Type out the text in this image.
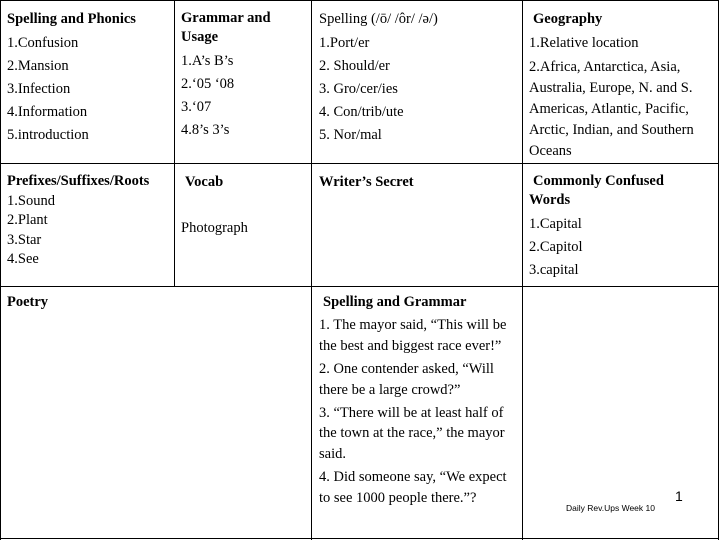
Spelling and Phonics
1.Confusion
2.Mansion
3.Infection
4.Information
5.introduction
Grammar and
Usage
1.A’s B’s
2.‘05 ‘08
3.‘07
4.8’s 3’s
Spelling (/ō/ /ôr/ /ə/)
1.Port/er
2. Should/er
3. Gro/cer/ies
4. Con/trib/ute
5. Nor/mal
Geography
1.Relative location
2.Africa, Antarctica, Asia, Australia, Europe, N. and S. Americas, Atlantic, Pacific, Arctic, Indian, and Southern Oceans
Prefixes/Suffixes/Roots
1.Sound
2.Plant
3.Star
4.See
Vocab
Photograph
Writer’s Secret	Commonly Confused
Words
1.Capital
2.Capitol
3.capital
Poetry	Spelling and Grammar
1. The mayor said, “This will be the best and biggest race ever!”
2. One contender asked, “Will there be a large crowd?”
3. “There will be at least half of the town at the race,” the mayor said.
4. Did someone say, “We expect to see 1000 people there.”?
Daily Rev.Ups Week 10
1
